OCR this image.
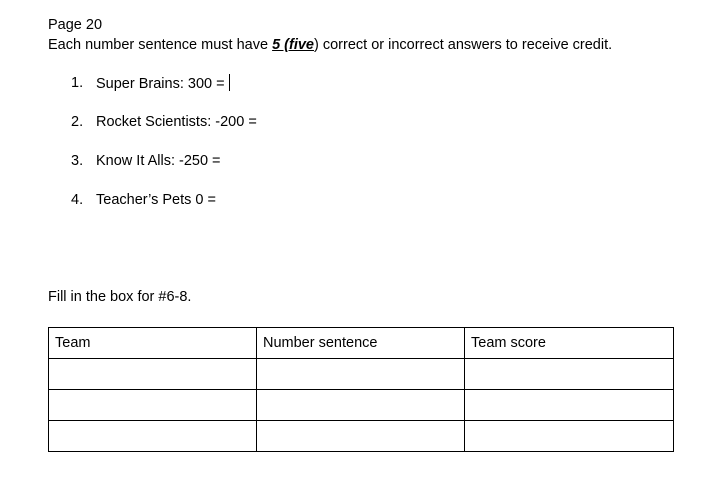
Page 20
Each number sentence must have 5 (five) correct or incorrect answers to receive credit.
1. Super Brains: 300 =
2. Rocket Scientists: -200 =
3. Know It Alls: -250 =
4. Teacher’s Pets 0 =
Fill in the box for #6-8.
Team	Number sentence	Team score
